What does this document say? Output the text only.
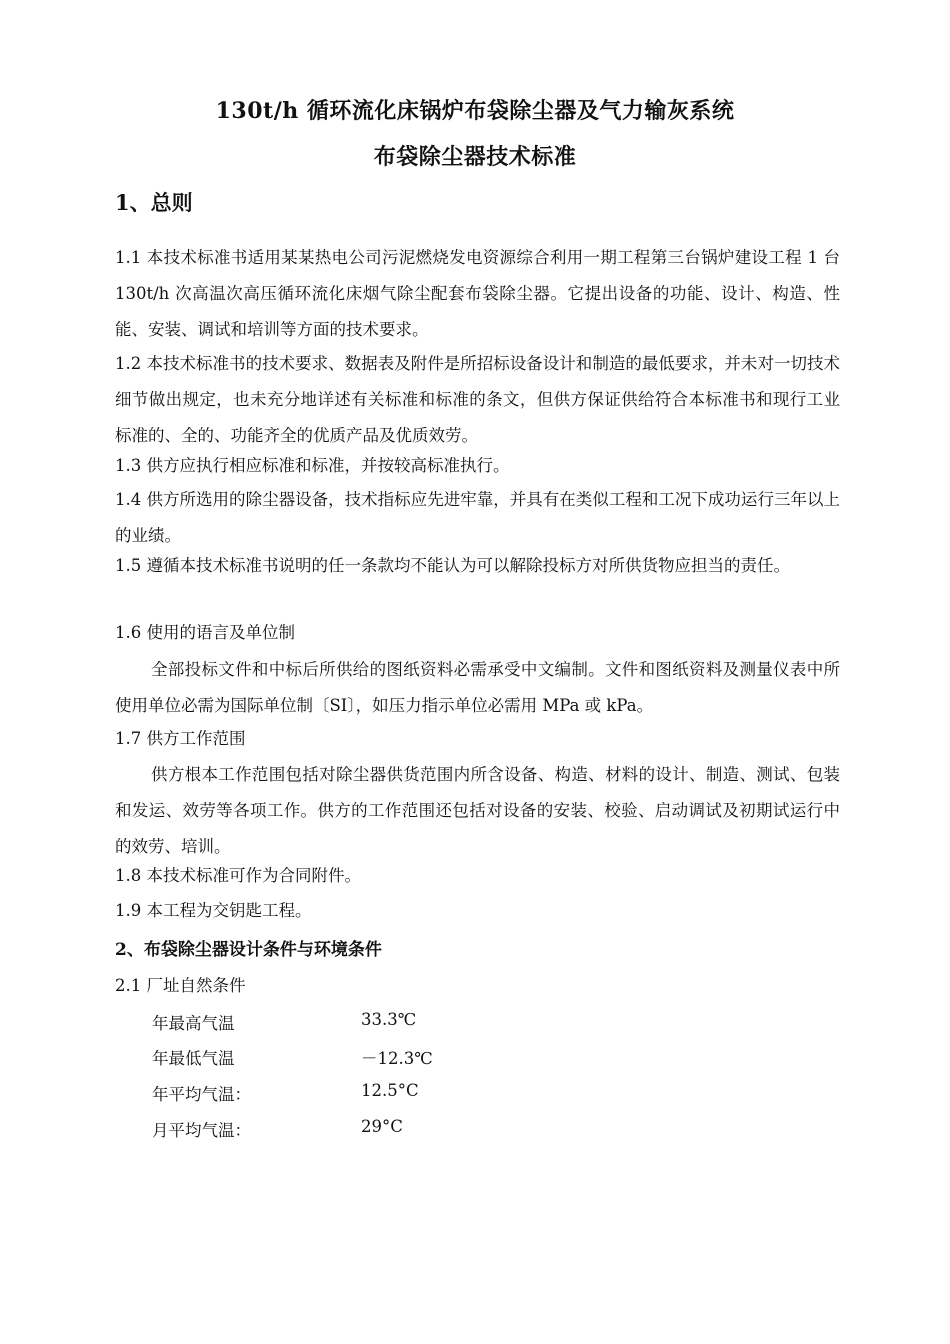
130t/h 循环流化床锅炉布袋除尘器及气力输灰系统
布袋除尘器技术标准
1、总则
1.1 本技术标准书适用某某热电公司污泥燃烧发电资源综合利用一期工程第三台锅炉建设工程 1 台 130t/h 次高温次高压循环流化床烟气除尘配套布袋除尘器。它提出设备的功能、设计、构造、性能、安装、调试和培训等方面的技术要求。
1.2 本技术标准书的技术要求、数据表及附件是所招标设备设计和制造的最低要求，并未对一切技术细节做出规定，也未充分地详述有关标准和标准的条文，但供方保证供给符合本标准书和现行工业标准的、全的、功能齐全的优质产品及优质效劳。
1.3 供方应执行相应标准和标准，并按较高标准执行。
1.4 供方所选用的除尘器设备，技术指标应先进牢靠，并具有在类似工程和工况下成功运行三年以上的业绩。
1.5 遵循本技术标准书说明的任一条款均不能认为可以解除投标方对所供货物应担当的责任。
1.6 使用的语言及单位制
全部投标文件和中标后所供给的图纸资料必需承受中文编制。文件和图纸资料及测量仪表中所使用单位必需为国际单位制〔SI〕，如压力指示单位必需用 MPa 或 kPa。
1.7 供方工作范围
供方根本工作范围包括对除尘器供货范围内所含设备、构造、材料的设计、制造、测试、包装和发运、效劳等各项工作。供方的工作范围还包括对设备的安装、校验、启动调试及初期试运行中的效劳、培训。
1.8 本技术标准可作为合同附件。
1.9 本工程为交钥匙工程。
2、布袋除尘器设计条件与环境条件
2.1 厂址自然条件
年最高气温	33.3℃
年最低气温	－12.3℃
年平均气温：	12.5°C
月平均气温：	29°C
